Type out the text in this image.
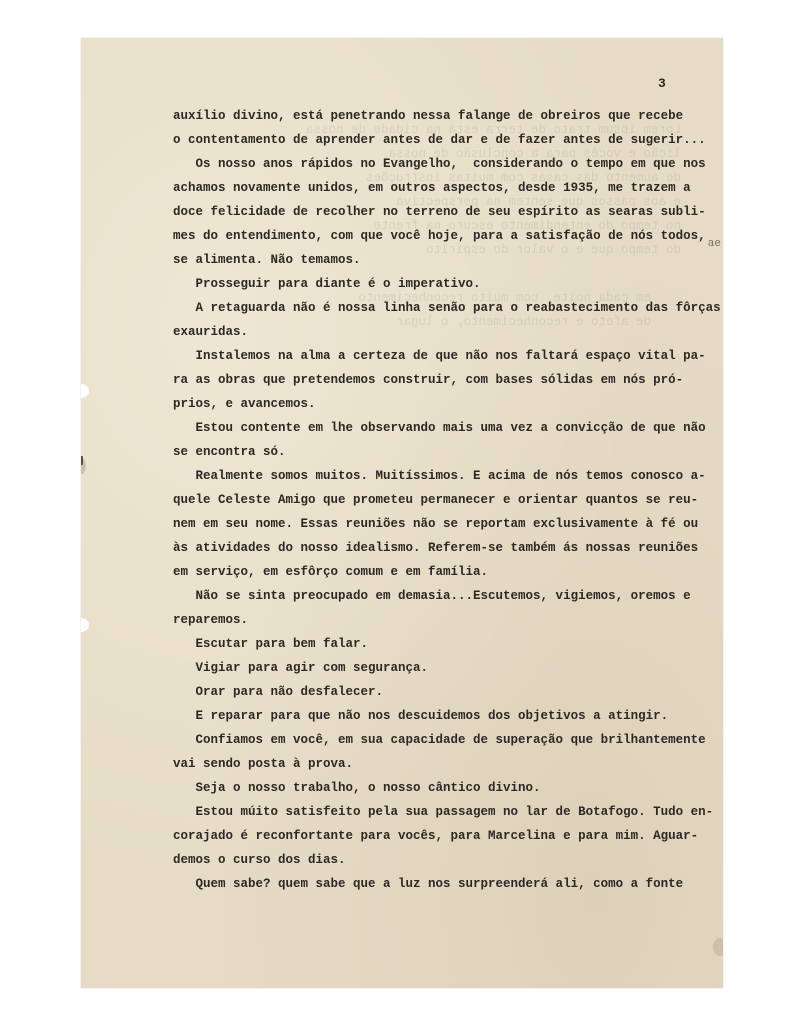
Lorem ipsum trato de terra está na cidade de nossa
lição e vocês para a conclusão de nossa
de aumento das casas com muitas instruções
e aos passos que sentem na perspectiva
no tempo do entendimento escuro na frente
do tempo que e o valor do espírito

em cada noite, com muito reconhecimento
de afeto e reconhecimento, o lugar
ae
3
auxílio divino, está penetrando nessa falange de obreiros que recebe
o contentamento de aprender antes de dar e de fazer antes de sugerir...
Os nosso anos rápidos no Evangelho,  considerando o tempo em que nos
achamos novamente unidos, em outros aspectos, desde 1935, me trazem a
doce felicidade de recolher no terreno de seu espírito as searas subli-
mes do entendimento, com que você hoje, para a satisfação de nós todos,
se alimenta. Não temamos.
Prosseguir para diante é o imperativo.
A retaguarda não é nossa linha senão para o reabastecimento das fôrças
exauridas.
Instalemos na alma a certeza de que não nos faltará espaço vital pa-
ra as obras que pretendemos construir, com bases sólidas em nós pró-
prios, e avancemos.
Estou contente em lhe observando mais uma vez a convicção de que não
se encontra só.
Realmente somos muitos. Muitíssimos. E acima de nós temos conosco a-
quele Celeste Amigo que prometeu permanecer e orientar quantos se reu-
nem em seu nome. Essas reuniões não se reportam exclusivamente à fé ou
às atividades do nosso idealismo. Referem-se também ás nossas reuniões
em serviço, em esfôrço comum e em família.
Não se sinta preocupado em demasia...Escutemos, vigiemos, oremos e
reparemos.
Escutar para bem falar.
Vigiar para agir com segurança.
Orar para não desfalecer.
E reparar para que não nos descuidemos dos objetivos a atingir.
Confiamos em você, em sua capacidade de superação que brilhantemente
vai sendo posta à prova.
Seja o nosso trabalho, o nosso cântico divino.
Estou múito satisfeito pela sua passagem no lar de Botafogo. Tudo en-
corajado é reconfortante para vocês, para Marcelina e para mim. Aguar-
demos o curso dos dias.
Quem sabe? quem sabe que a luz nos surpreenderá ali, como a fonte
